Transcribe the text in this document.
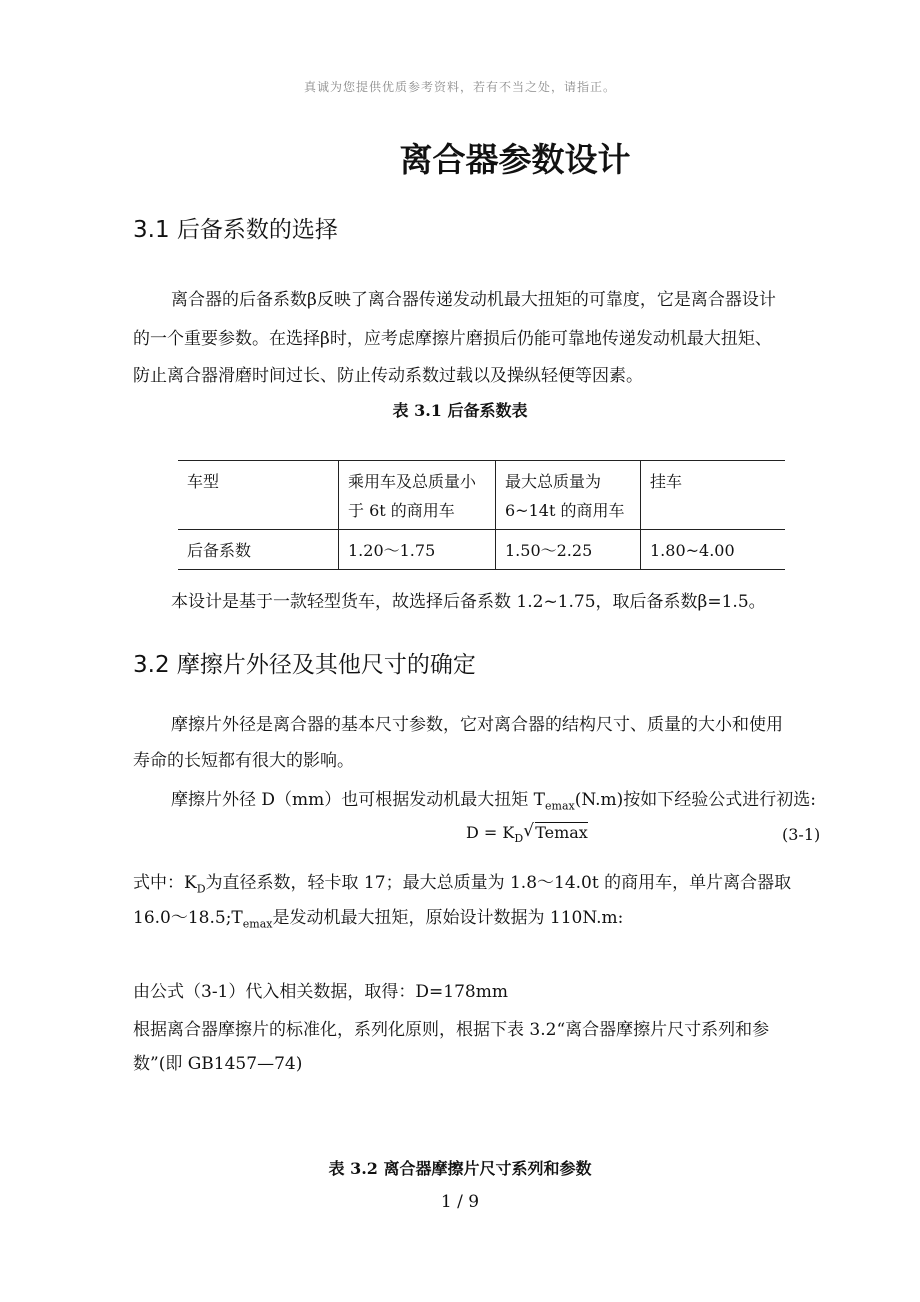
真诚为您提供优质参考资料，若有不当之处，请指正。
离合器参数设计
3.1 后备系数的选择
离合器的后备系数β反映了离合器传递发动机最大扭矩的可靠度，它是离合器设计
的一个重要参数。在选择β时，应考虑摩擦片磨损后仍能可靠地传递发动机最大扭矩、
防止离合器滑磨时间过长、防止传动系数过载以及操纵轻便等因素。
表 3.1 后备系数表
车型	乘用车及总质量小于 6t 的商用车	最大总质量为6~14t 的商用车	挂车
后备系数	1.20～1.75	1.50～2.25	1.80~4.00
本设计是基于一款轻型货车，故选择后备系数 1.2~1.75，取后备系数β=1.5。
3.2 摩擦片外径及其他尺寸的确定
摩擦片外径是离合器的基本尺寸参数，它对离合器的结构尺寸、质量的大小和使用
寿命的长短都有很大的影响。
摩擦片外径 D（mm）也可根据发动机最大扭矩 $T_{emax}(N.m)$按如下经验公式进行初选:
$D = K_D$ √ Temax	(3-1)
式中：$K_D$为直径系数，轻卡取 17；最大总质量为 1.8～14.0t 的商用车，单片离合器取
$16.0\sim 18.5;T_{emax}$是发动机最大扭矩，原始设计数据为 110N.m:
由公式（3-1）代入相关数据，取得：D=178mm
根据离合器摩擦片的标准化，系列化原则，根据下表 3.2“离合器摩擦片尺寸系列和参
数”(即 GB1457—74)
表 3.2 离合器摩擦片尺寸系列和参数
1 / 9
